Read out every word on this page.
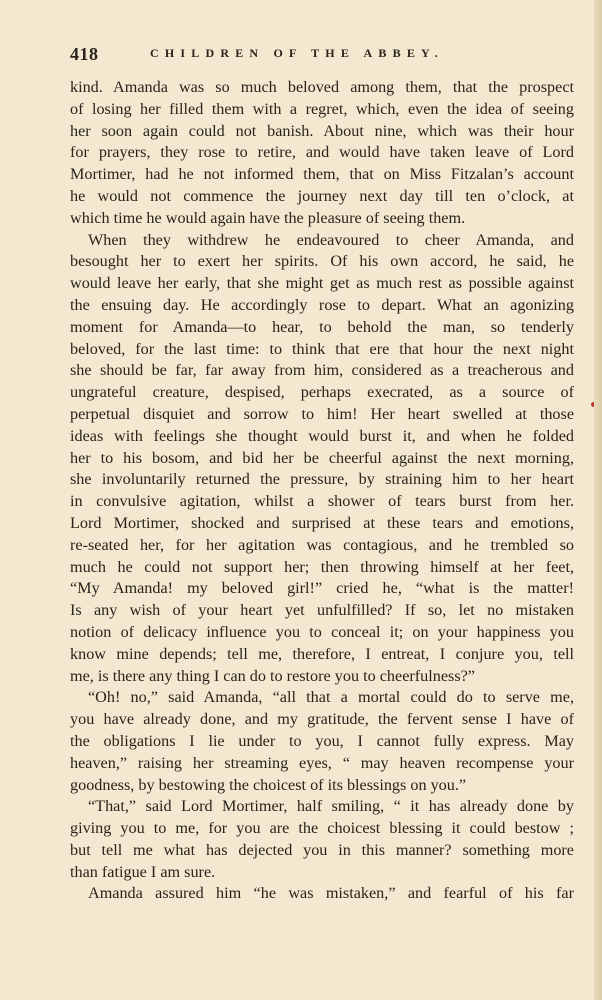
418	CHILDREN OF THE ABBEY.
kind. Amanda was so much beloved among them, that the prospect
of losing her filled them with a regret, which, even the idea of seeing
her soon again could not banish. About nine, which was their hour
for prayers, they rose to retire, and would have taken leave of Lord
Mortimer, had he not informed them, that on Miss Fitzalan’s account
he would not commence the journey next day till ten o’clock, at
which time he would again have the pleasure of seeing them.
When they withdrew he endeavoured to cheer Amanda, and
besought her to exert her spirits. Of his own accord, he said, he
would leave her early, that she might get as much rest as possible against
the ensuing day. He accordingly rose to depart. What an agonizing
moment for Amanda—to hear, to behold the man, so tenderly
beloved, for the last time: to think that ere that hour the next night
she should be far, far away from him, considered as a treacherous and
ungrateful creature, despised, perhaps execrated, as a source of
perpetual disquiet and sorrow to him! Her heart swelled at those
ideas with feelings she thought would burst it, and when he folded
her to his bosom, and bid her be cheerful against the next morning,
she involuntarily returned the pressure, by straining him to her heart
in convulsive agitation, whilst a shower of tears burst from her.
Lord Mortimer, shocked and surprised at these tears and emotions,
re-seated her, for her agitation was contagious, and he trembled so
much he could not support her; then throwing himself at her feet,
“My Amanda! my beloved girl!” cried he, “what is the matter!
Is any wish of your heart yet unfulfilled? If so, let no mistaken
notion of delicacy influence you to conceal it; on your happiness you
know mine depends; tell me, therefore, I entreat, I conjure you, tell
me, is there any thing I can do to restore you to cheerfulness?”
“Oh! no,” said Amanda, “all that a mortal could do to serve me,
you have already done, and my gratitude, the fervent sense I have of
the obligations I lie under to you, I cannot fully express. May
heaven,” raising her streaming eyes, “ may heaven recompense your
goodness, by bestowing the choicest of its blessings on you.”
“That,” said Lord Mortimer, half smiling, “ it has already done by
giving you to me, for you are the choicest blessing it could bestow ;
but tell me what has dejected you in this manner? something more
than fatigue I am sure.
Amanda assured him “he was mistaken,” and fearful of his far
